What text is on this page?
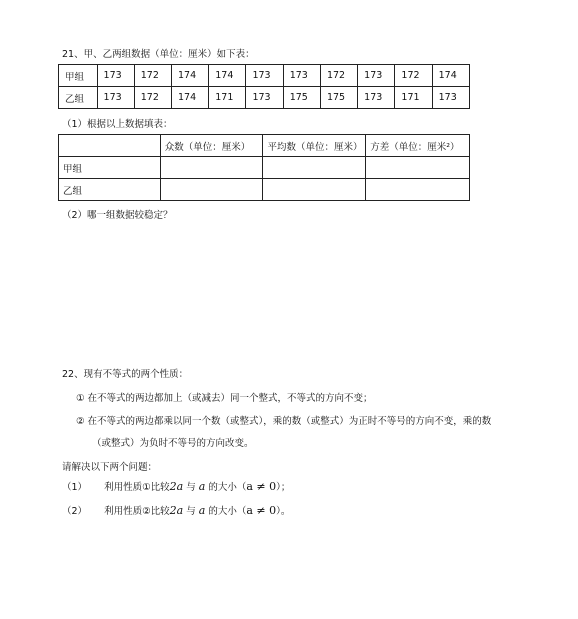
21、甲、乙两组数据（单位：厘米）如下表：
甲组	173	172	174	174	173	173	172	173	172	174
乙组	173	172	174	171	173	175	175	173	171	173
（1）根据以上数据填表：
	众数（单位：厘米）	平均数（单位：厘米）	方差（单位：厘米²）
甲组			
乙组			
（2）哪一组数据较稳定？
22、现有不等式的两个性质：
① 在不等式的两边都加上（或减去）同一个整式，不等式的方向不变；
② 在不等式的两边都乘以同一个数（或整式），乘的数（或整式）为正时不等号的方向不变，乘的数
（或整式）为负时不等号的方向改变。
请解决以下两个问题：
（1） 利用性质①比较2a 与 a 的大小（a ≠ 0）；
（2） 利用性质②比较2a 与 a 的大小（a ≠ 0）。
